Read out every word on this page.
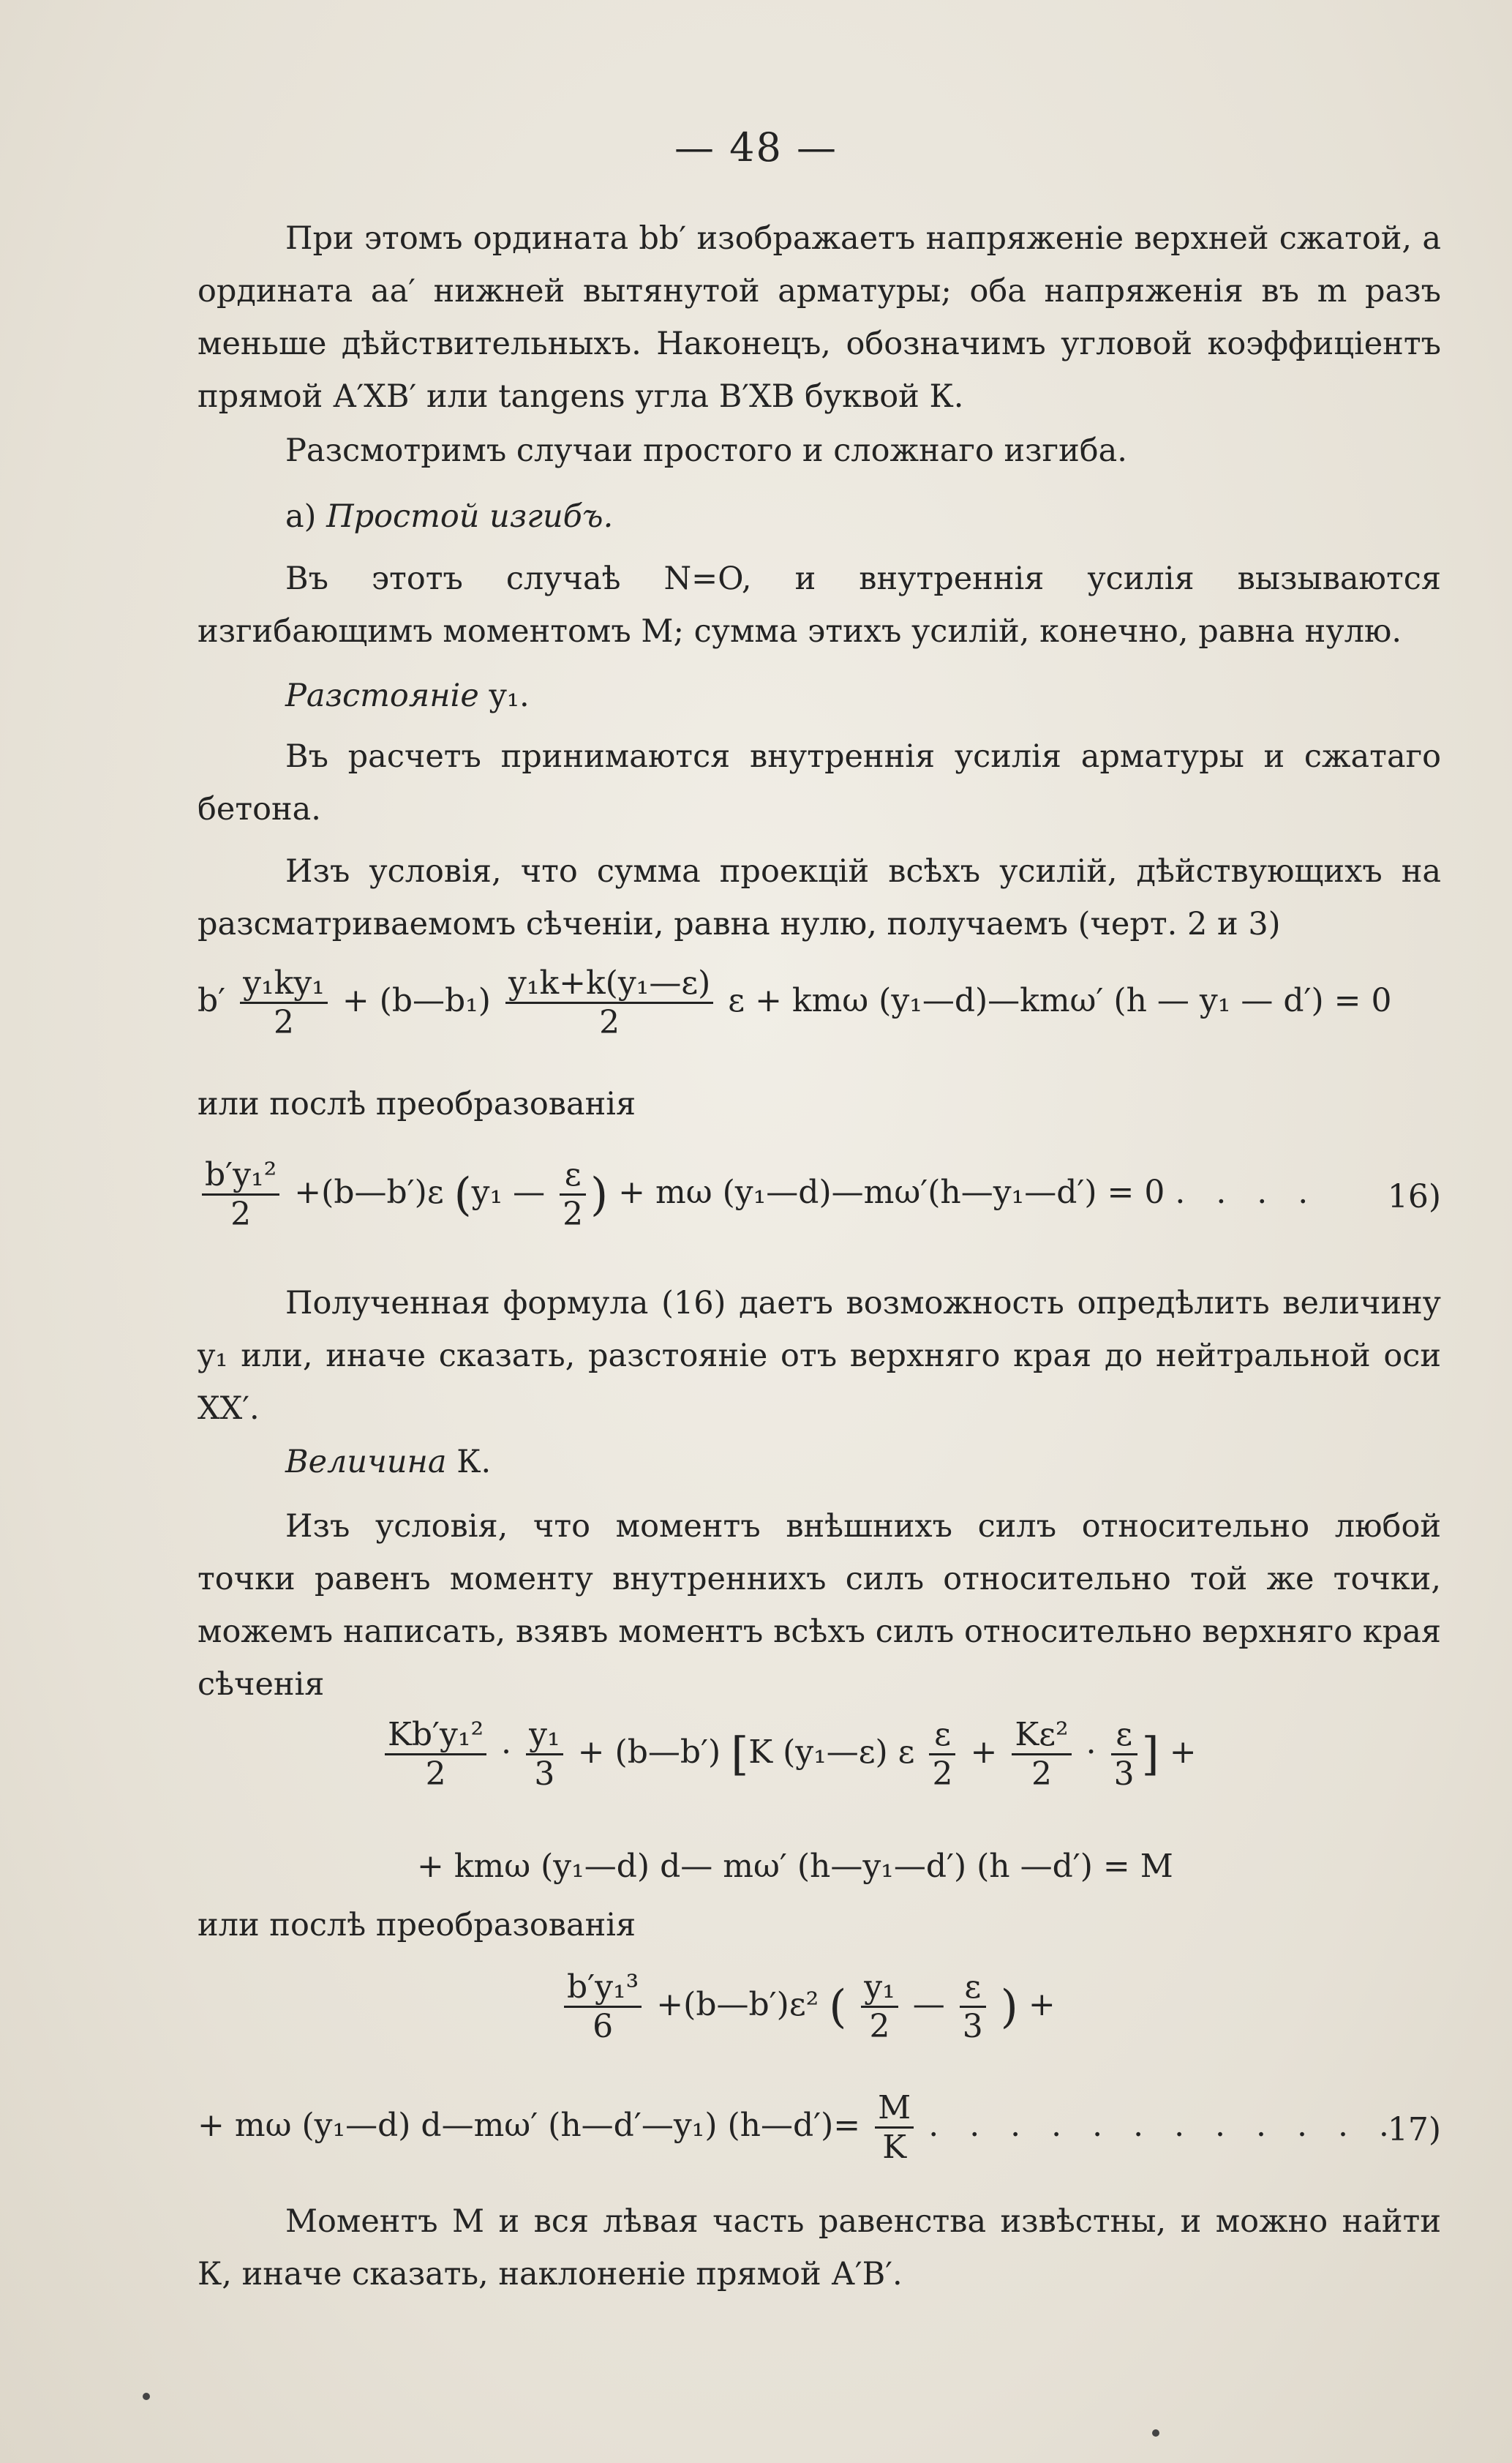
— 48 —

При этомъ ордината bb′ изображаетъ напряженіе верхней сжатой, а ордината аа′ нижней вытянутой арматуры; оба напряженія въ m разъ меньше дѣйствительныхъ. Наконецъ, обозначимъ угловой коэффиціентъ прямой А′ХВ′ или tangens угла В′ХВ буквой К.

Разсмотримъ случаи простого и сложнаго изгиба.

а) Простой изгибъ.

Въ этотъ случаѣ N=O, и внутреннія усилія вызываются изгибающимъ моментомъ М; сумма этихъ усилій, конечно, равна нулю.

Разстояніе y₁.

Въ расчетъ принимаются внутреннія усилія арматуры и сжатаго бетона.

Изъ условія, что сумма проекцій всѣхъ усилій, дѣйствующихъ на разсматриваемомъ сѣченіи, равна нулю, получаемъ (черт. 2 и 3)

$b' \frac{\text{y₁ky₁}}{2}$ + (b—b₁) $\frac{\text{y₁k+k(y₁—ε)}}{2}$ ε + kmω (y₁—d)—kmω′ (h — y₁ — d′) = 0

или послѣ преобразованія

$\frac{\text{b′y₁²}}{2}$ +(b—b′)ε (y₁ — $\frac{\varepsilon}{2}$ ) + mω (y₁—d)—mω′(h—y₁—d′) = 0 . . . . 16)

Полученная формула (16) даетъ возможность опредѣлить величину y₁ или, иначе сказать, разстояніе отъ верхняго края до нейтральной оси XX′.

Величина К.

Изъ условія, что моментъ внѣшнихъ силъ относительно любой точки равенъ моменту внутреннихъ силъ относительно той же точки, можемъ написать, взявъ моментъ всѣхъ силъ относительно верхняго края сѣченія

$\frac{\text{Kb′y₁²}}{2} \cdot \frac{\text{y₁}}{3}$ + (b—b′) [K (y₁—ε) ε $\frac{\varepsilon}{2} + \frac{\text{Kε²}}{2} \cdot \frac{\varepsilon}{3}$ ] +
+ kmω (y₁—d) d— mω′ (h—y₁—d′) (h —d′) = M

или послѣ преобразованія

$\frac{\text{b′y₁³}}{6}$ +(b—b′)ε² ( $\frac{\text{y₁}}{2}$ — $\frac{\varepsilon}{3}$ ) +
+ mω (y₁—d) d—mω′ (h—d′—y₁) (h—d′)= $\frac{M}{K}$ . . . . . . . . . . . .
17)

Моментъ М и вся лѣвая часть равенства извѣстны, и можно найти К, иначе сказать, наклоненіе прямой А′В′.
